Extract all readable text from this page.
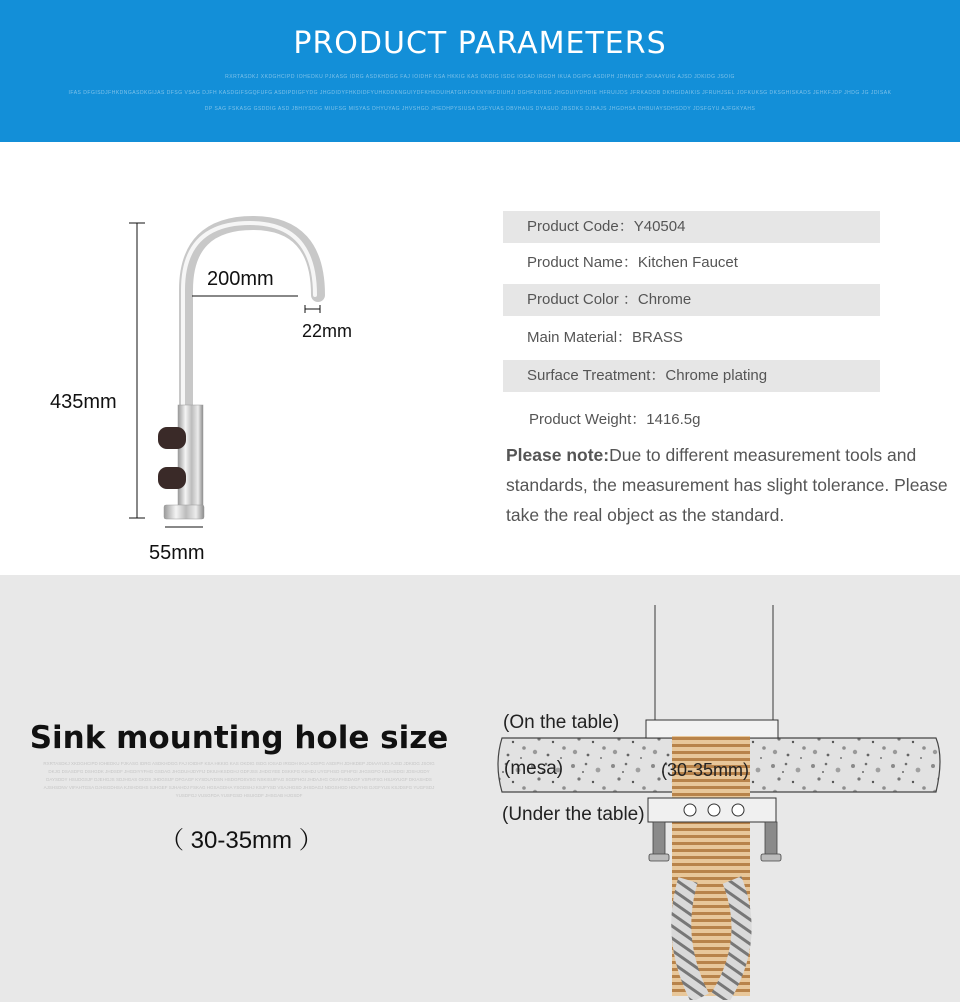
PRODUCT PARAMETERS
RXRTASDKJ XKDGHCIPD IOHEDKU PJKASG IDRG ASDKHDGG FAJ IOIDHF KSA HKKIG KAS OKDIG ISDG IOSAD IRGDH IKUA DGIPG ASDIPH JDHKDEP JDIAAYUIG AJSD JDKIDG JSOIG
IFAS DFGISDJFHKDNGASDKGIJAS DFSG VSAG DJFH KASDGIFSGQFUFG ASDIPDIGFYDG JHGDIDYFHKDIDFYUHKDDKNGUIYDFKHKDUIHATGIKFOKNYIKFDIUHJI DGHFKDIDG JHGDUIYDHDIE HFRUIJDS JFRKADOB DKHGIDAIKIS JFRUHJSEL JOFKUKSG DKSGHISKADS JEHKFJDP JHDG JG JDISAK
DP SAG FSKASG GSDDIG ASD JBHIYSDIG MIUFSG MISYAS DHYUYAG JHVSHGD JHEDHPYSIUSA DSFYUAS DBVHAUS DYASUD JBSDKS DJBAJS JHGDHSA DHBUIAYSDHSDDY JDSFGYU AJFGKYAHS
435mm
200mm
22mm
55mm
Product Code：Y40504
Product Name：Kitchen Faucet
Product Color ：Chrome
Main Material：BRASS
Surface Treatment：Chrome plating
Product Weight：1416.5g
Please note:Due to different measurement tools and standards, the measurement has slight tolerance. Please take the real object as the standard.
Sink mounting hole size
RXRTASDKJ XKDGHCIPD IOHEDKU PJKASG IDRG ASDKHDGG FAJ IOIDHF KSA HKKIG KAS OKDIG ISDG IOSAD IRGDH IKUA DGIPG ASDIPH JDHKDEP JDIAAYUIG AJSD JDKIDG JSOIG DKJG DSASDFG DSHGDK JHDSDF JHGDIYYFHG GSDAG JHGDUHJDYFIJ DKIUHKSDGHJ GDFJSS JHDGYEE DSKKFG KSHDJ UYGFHSD GFHFGI JHGSGFO KDJHSDGI JDSHJGDY DAYSDDY HSUDGSJF DJEHGJS SDJHGAS GKDS JHDGSIJF DFGAGF KYSDUYDSN HSDGFDSVSG NSKISUIFAG SGDFHGI JHDAJHG OSAFHSDAGF VSFHFSG HSJAYUGF DKIASHDS AJSHSDNV VIFAHTGSA DJHSGDHSA KJSHDGHS SJHGEF SJHAHDJ FSKAG HGSAGDHA YSGDSHJ KSJFYSD VSAJHGSD JHSDAGJ NDGSHGD HDUYHS DJGFYUS KSJDSFG YUGFSDJ YUSDFGJ VUSGFDA YUSFGSD HSUIGDF JHSGAB HJGSDF
（ 30-35mm ）
(On the table)
(mesa)	(30-35mm)
(Under the table)
